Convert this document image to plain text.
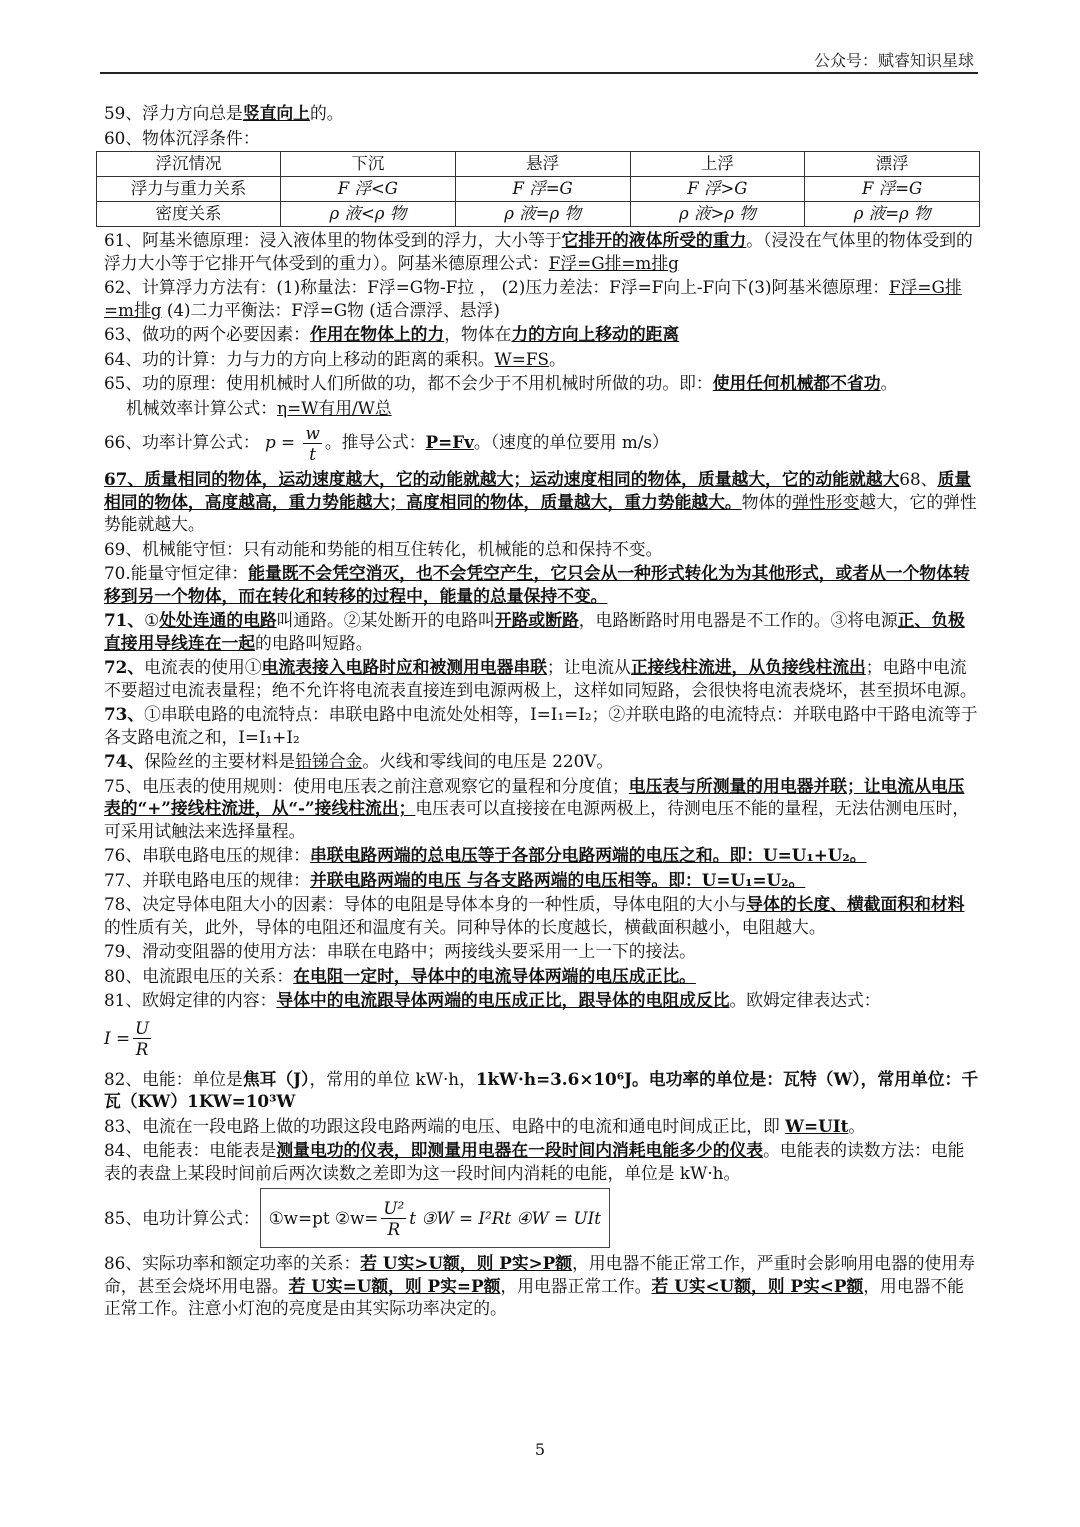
公众号：赋睿知识星球
59、浮力方向总是竖直向上的。
60、物体沉浮条件：
浮沉情况	下沉	悬浮	上浮	漂浮
浮力与重力关系	F 浮<G	F 浮=G	F 浮>G	F 浮=G
密度关系	ρ 液<ρ 物	ρ 液=ρ 物	ρ 液>ρ 物	ρ 液=ρ 物
61、阿基米德原理：浸入液体里的物体受到的浮力，大小等于它排开的液体所受的重力。（浸没在气体里的物体受到的浮力大小等于它排开气体受到的重力）。阿基米德原理公式：F浮=G排=m排g
62、计算浮力方法有：(1)称量法：F浮=G物-F拉 ， (2)压力差法：F浮=F向上-F向下(3)阿基米德原理：F浮=G排=m排g (4)二力平衡法：F浮=G物 (适合漂浮、悬浮)
63、做功的两个必要因素：作用在物体上的力，物体在力的方向上移动的距离
64、功的计算：力与力的方向上移动的距离的乘积。W=FS。
65、功的原理：使用机械时人们所做的功，都不会少于不用机械时所做的功。即：使用任何机械都不省功。
机械效率计算公式：η=W有用/W总
66、功率计算公式： $p = \frac{w}{t}$ 。推导公式：P=Fv。（速度的单位要用 m/s）
67、质量相同的物体，运动速度越大，它的动能就越大；运动速度相同的物体，质量越大，它的动能就越大68、质量相同的物体，高度越高，重力势能越大；高度相同的物体，质量越大，重力势能越大。物体的弹性形变越大，它的弹性势能就越大。
69、机械能守恒：只有动能和势能的相互住转化，机械能的总和保持不变。
70.能量守恒定律：能量既不会凭空消灭，也不会凭空产生，它只会从一种形式转化为为其他形式，或者从一个物体转移到另一个物体，而在转化和转移的过程中，能量的总量保持不变。
71、①处处连通的电路叫通路。②某处断开的电路叫开路或断路，电路断路时用电器是不工作的。③将电源正、负极直接用导线连在一起的电路叫短路。
72、电流表的使用①电流表接入电路时应和被测用电器串联；让电流从正接线柱流进，从负接线柱流出；电路中电流不要超过电流表量程；绝不允许将电流表直接连到电源两极上，这样如同短路，会很快将电流表烧坏，甚至损坏电源。
73、①串联电路的电流特点：串联电路中电流处处相等，I=I₁=I₂；②并联电路的电流特点：并联电路中干路电流等于各支路电流之和，I=I₁+I₂
74、保险丝的主要材料是铅锑合金。火线和零线间的电压是 220V。
75、电压表的使用规则：使用电压表之前注意观察它的量程和分度值；电压表与所测量的用电器并联；让电流从电压表的“+”接线柱流进，从“-”接线柱流出；电压表可以直接接在电源两极上，待测电压不能的量程，无法估测电压时，可采用试触法来选择量程。
76、串联电路电压的规律：串联电路两端的总电压等于各部分电路两端的电压之和。即：U=U₁+U₂。
77、并联电路电压的规律：并联电路两端的电压 与各支路两端的电压相等。即：U=U₁=U₂。
78、决定导体电阻大小的因素：导体的电阻是导体本身的一种性质，导体电阻的大小与导体的长度、横截面积和材料的性质有关，此外，导体的电阻还和温度有关。同种导体的长度越长，横截面积越小，电阻越大。
79、滑动变阻器的使用方法：串联在电路中；两接线头要采用一上一下的接法。
80、电流跟电压的关系：在电阻一定时，导体中的电流导体两端的电压成正比。
81、欧姆定律的内容：导体中的电流跟导体两端的电压成正比，跟导体的电阻成反比。欧姆定律表达式：
$I = \frac{U}{R}$
82、电能：单位是焦耳（J），常用的单位 kW·h，1kW·h=3.6×10⁶J。电功率的单位是：瓦特（W），常用单位：千瓦（KW）1KW=10³W
83、电流在一段电路上做的功跟这段电路两端的电压、电路中的电流和通电时间成正比，即 W=UIt。
84、电能表：电能表是测量电功的仪表，即测量用电器在一段时间内消耗电能多少的仪表。电能表的读数方法：电能表的表盘上某段时间前后两次读数之差即为这一段时间内消耗的电能，单位是 kW·h。
85、电功计算公式： ①w=pt ②w= $\frac{\text{U²}}{R}$ t ③W = I²Rt ④W = UIt
86、实际功率和额定功率的关系：若 U实>U额，则 P实>P额，用电器不能正常工作，严重时会影响用电器的使用寿命，甚至会烧坏用电器。若 U实=U额，则 P实=P额，用电器正常工作。若 U实<U额，则 P实<P额，用电器不能正常工作。注意小灯泡的亮度是由其实际功率决定的。
5
